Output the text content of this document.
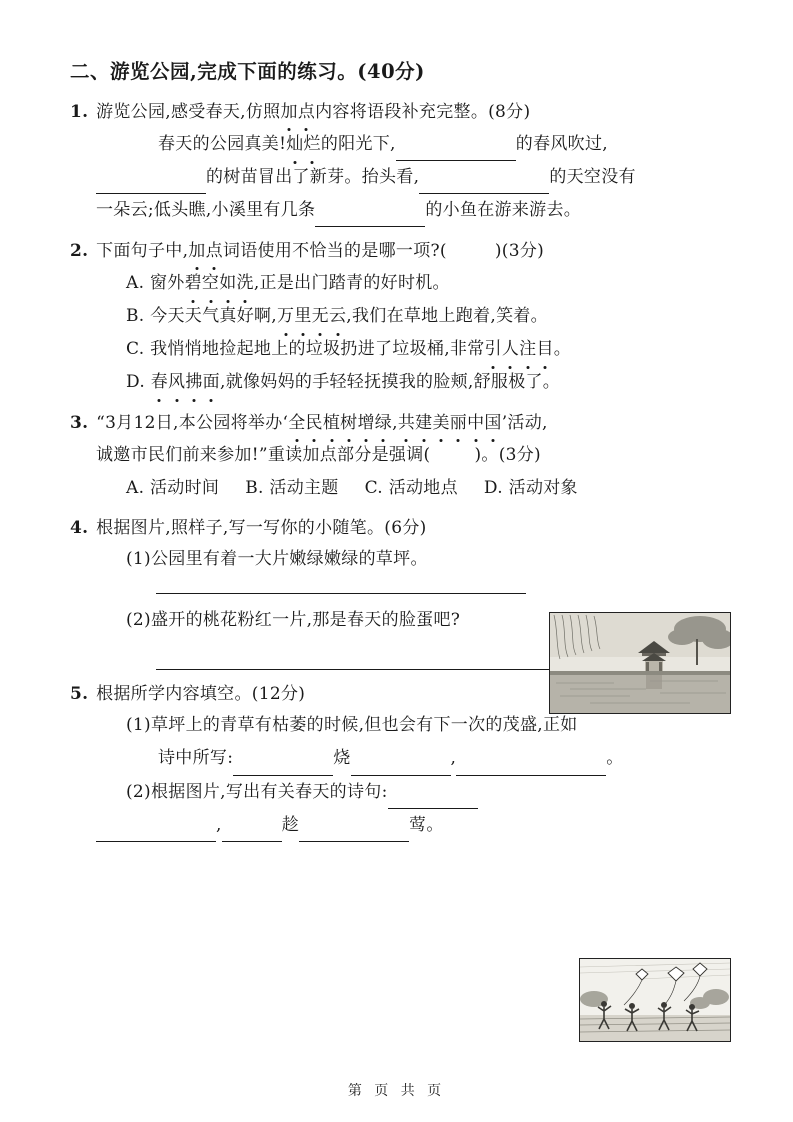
二、游览公园,完成下面的练习。(40分)
1. 游览公园,感受春天,仿照加点内容将语段补充完整。(8分)
春天的公园真美!灿烂的阳光下,	的春风吹过,
的树苗冒出了新芽。抬头看,	的天空没有
一朵云;低头瞧,小溪里有几条	的小鱼在游来游去。
2. 下面句子中,加点词语使用不恰当的是哪一项?(	)(3分)
A. 窗外碧空如洗,正是出门踏青的好时机。
B. 今天天气真好啊,万里无云,我们在草地上跑着,笑着。
C. 我悄悄地捡起地上的垃圾扔进了垃圾桶,非常引人注目。
D. 春风拂面,就像妈妈的手轻轻抚摸我的脸颊,舒服极了。
3. “3月12日,本公园将举办‘全民植树增绿,共建美丽中国’活动,
诚邀市民们前来参加!”重读加点部分是强调(	)。(3分)
A. 活动时间 B. 活动主题 C. 活动地点 D. 活动对象
4. 根据图片,照样子,写一写你的小随笔。(6分)
(1)公园里有着一大片嫩绿嫩绿的草坪。
(2)盛开的桃花粉红一片,那是春天的脸蛋吧?
5. 根据所学内容填空。(12分)
(1)草坪上的青草有枯萎的时候,但也会有下一次的茂盛,正如
诗中所写:	烧	,	。
(2)根据图片,写出有关春天的诗句:
,	趁	莺。
第 页 共 页
